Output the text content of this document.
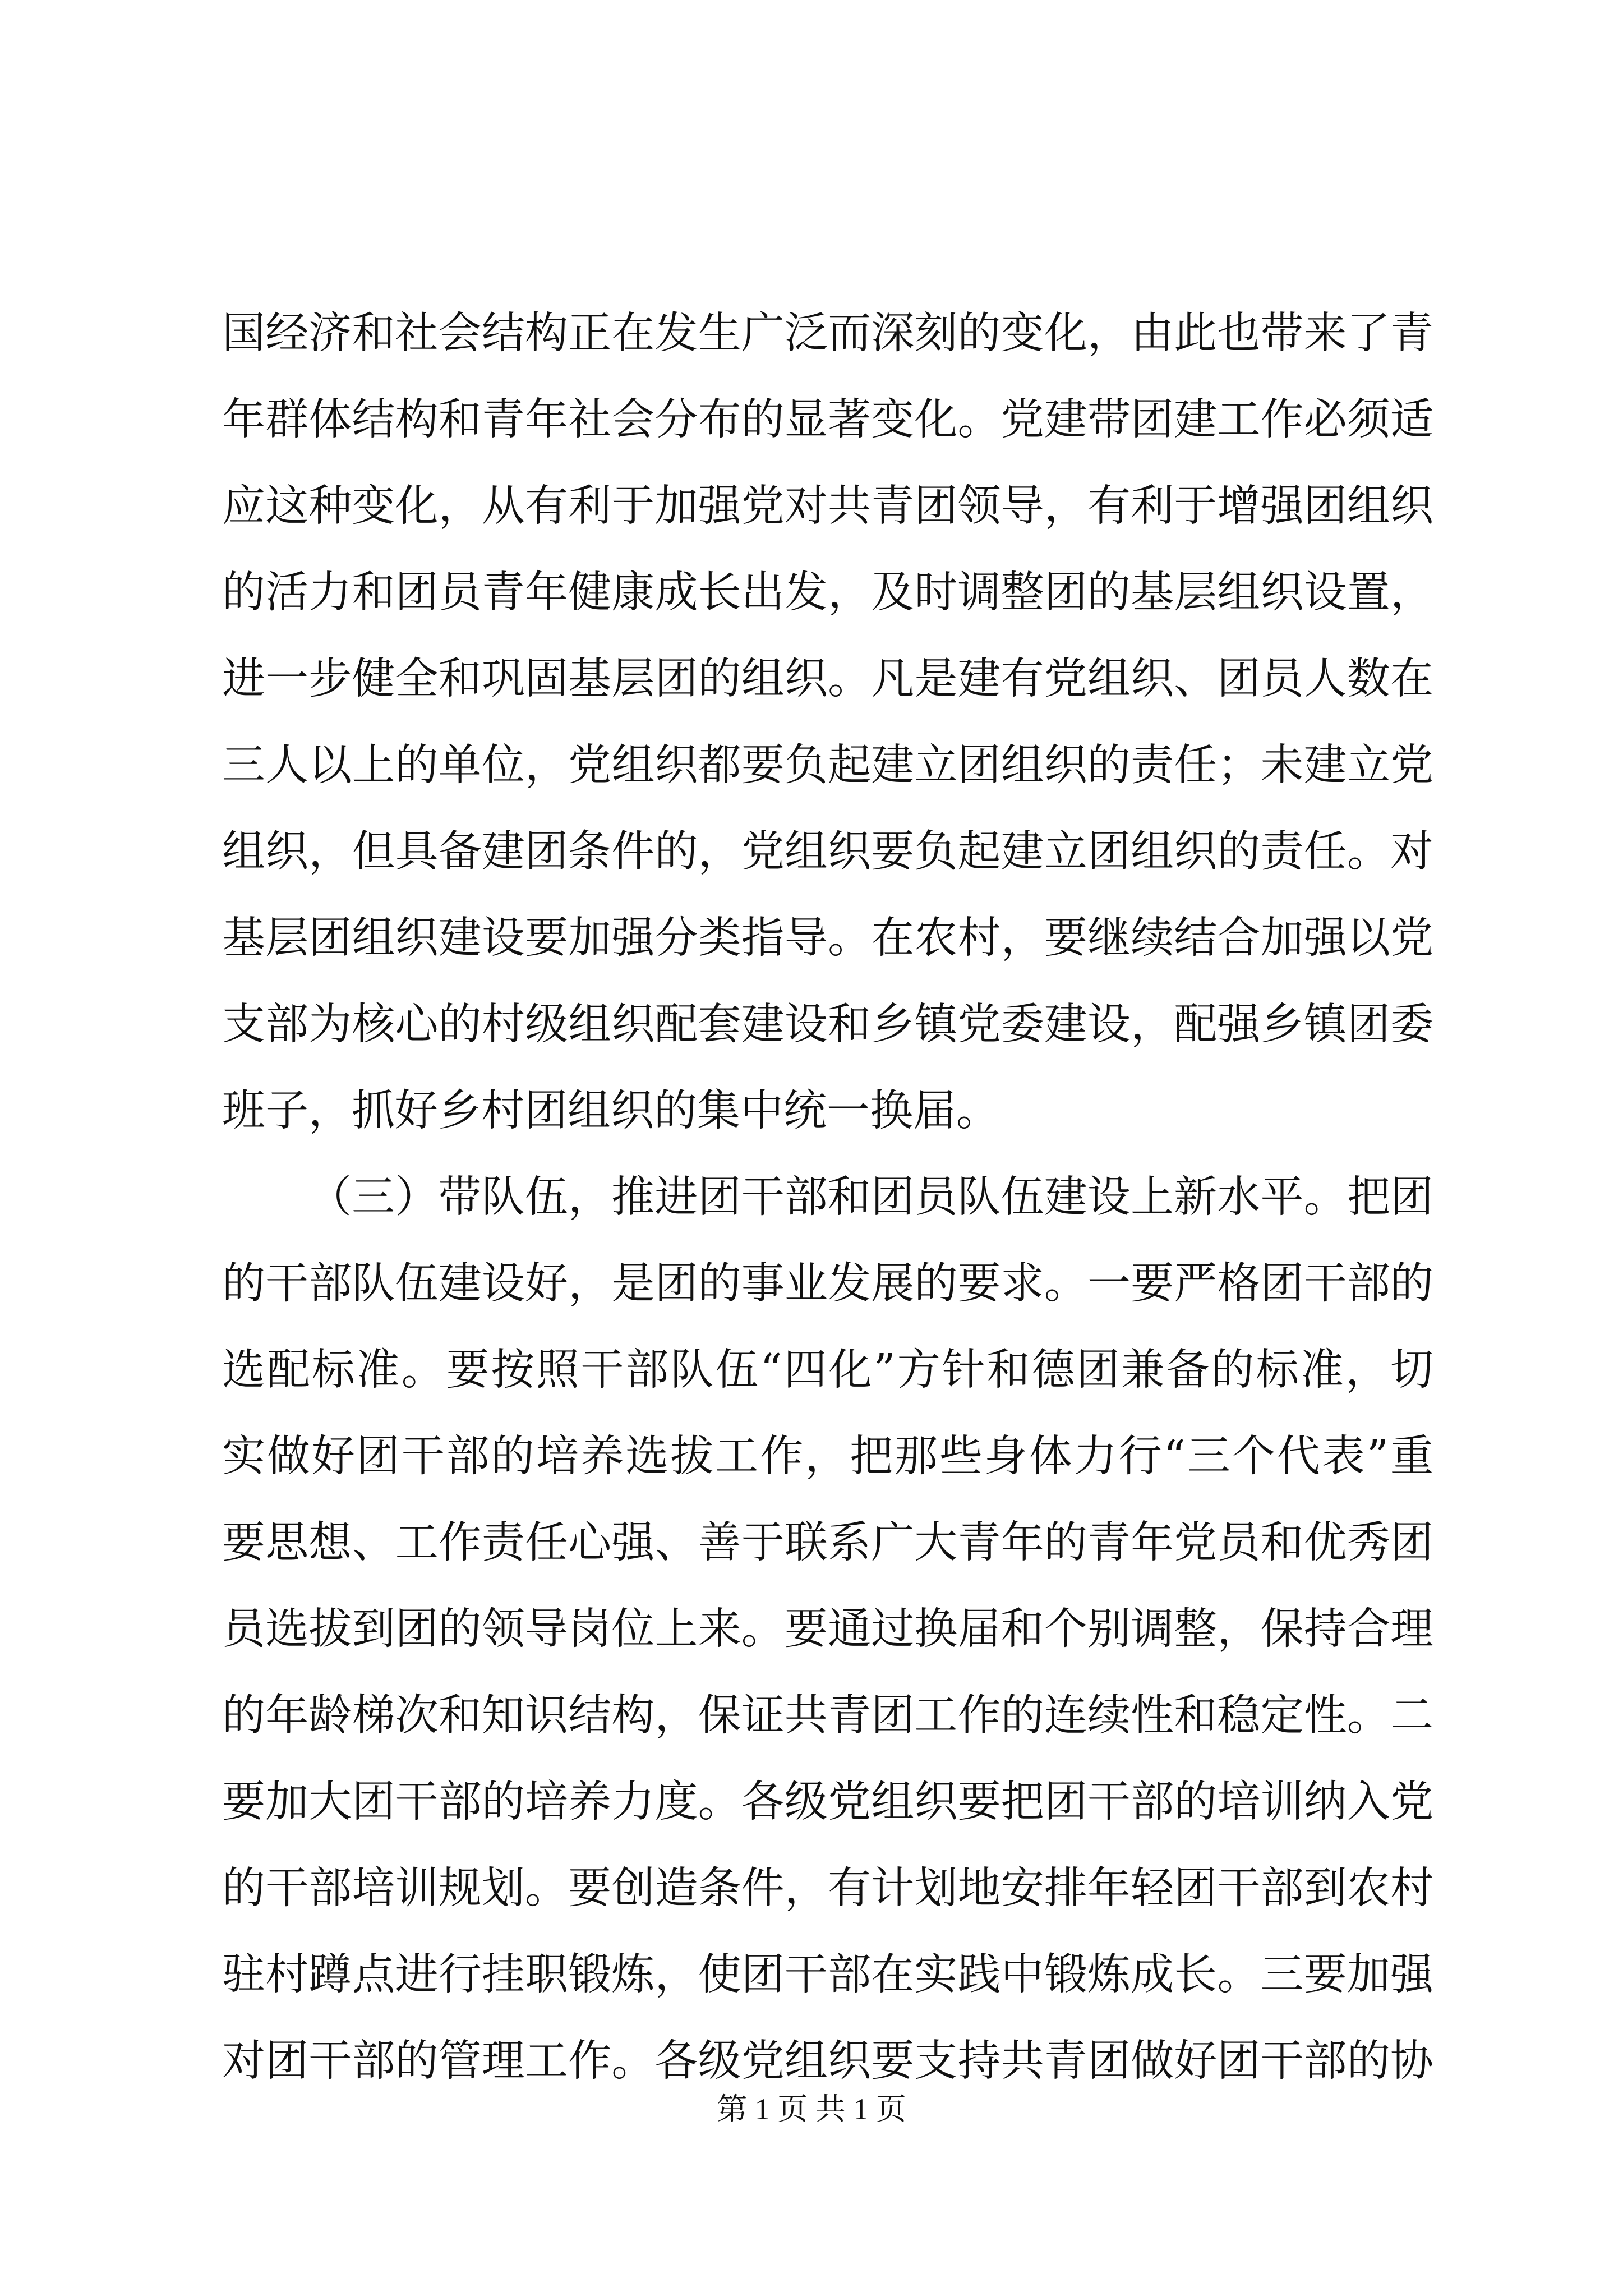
国经济和社会结构正在发生广泛而深刻的变化，由此也带来了青
年群体结构和青年社会分布的显著变化。党建带团建工作必须适
应这种变化，从有利于加强党对共青团领导，有利于增强团组织
的活力和团员青年健康成长出发，及时调整团的基层组织设置，
进一步健全和巩固基层团的组织。凡是建有党组织、团员人数在
三人以上的单位，党组织都要负起建立团组织的责任；未建立党
组织，但具备建团条件的，党组织要负起建立团组织的责任。对
基层团组织建设要加强分类指导。在农村，要继续结合加强以党
支部为核心的村级组织配套建设和乡镇党委建设，配强乡镇团委
班子，抓好乡村团组织的集中统一换届。
（三）带队伍，推进团干部和团员队伍建设上新水平。把团
的干部队伍建设好，是团的事业发展的要求。一要严格团干部的
选配标准。要按照干部队伍“四化”方针和德团兼备的标准，切
实做好团干部的培养选拔工作，把那些身体力行“三个代表”重
要思想、工作责任心强、善于联系广大青年的青年党员和优秀团
员选拔到团的领导岗位上来。要通过换届和个别调整，保持合理
的年龄梯次和知识结构，保证共青团工作的连续性和稳定性。二
要加大团干部的培养力度。各级党组织要把团干部的培训纳入党
的干部培训规划。要创造条件，有计划地安排年轻团干部到农村
驻村蹲点进行挂职锻炼，使团干部在实践中锻炼成长。三要加强
对团干部的管理工作。各级党组织要支持共青团做好团干部的协
第 1 页 共 1 页
